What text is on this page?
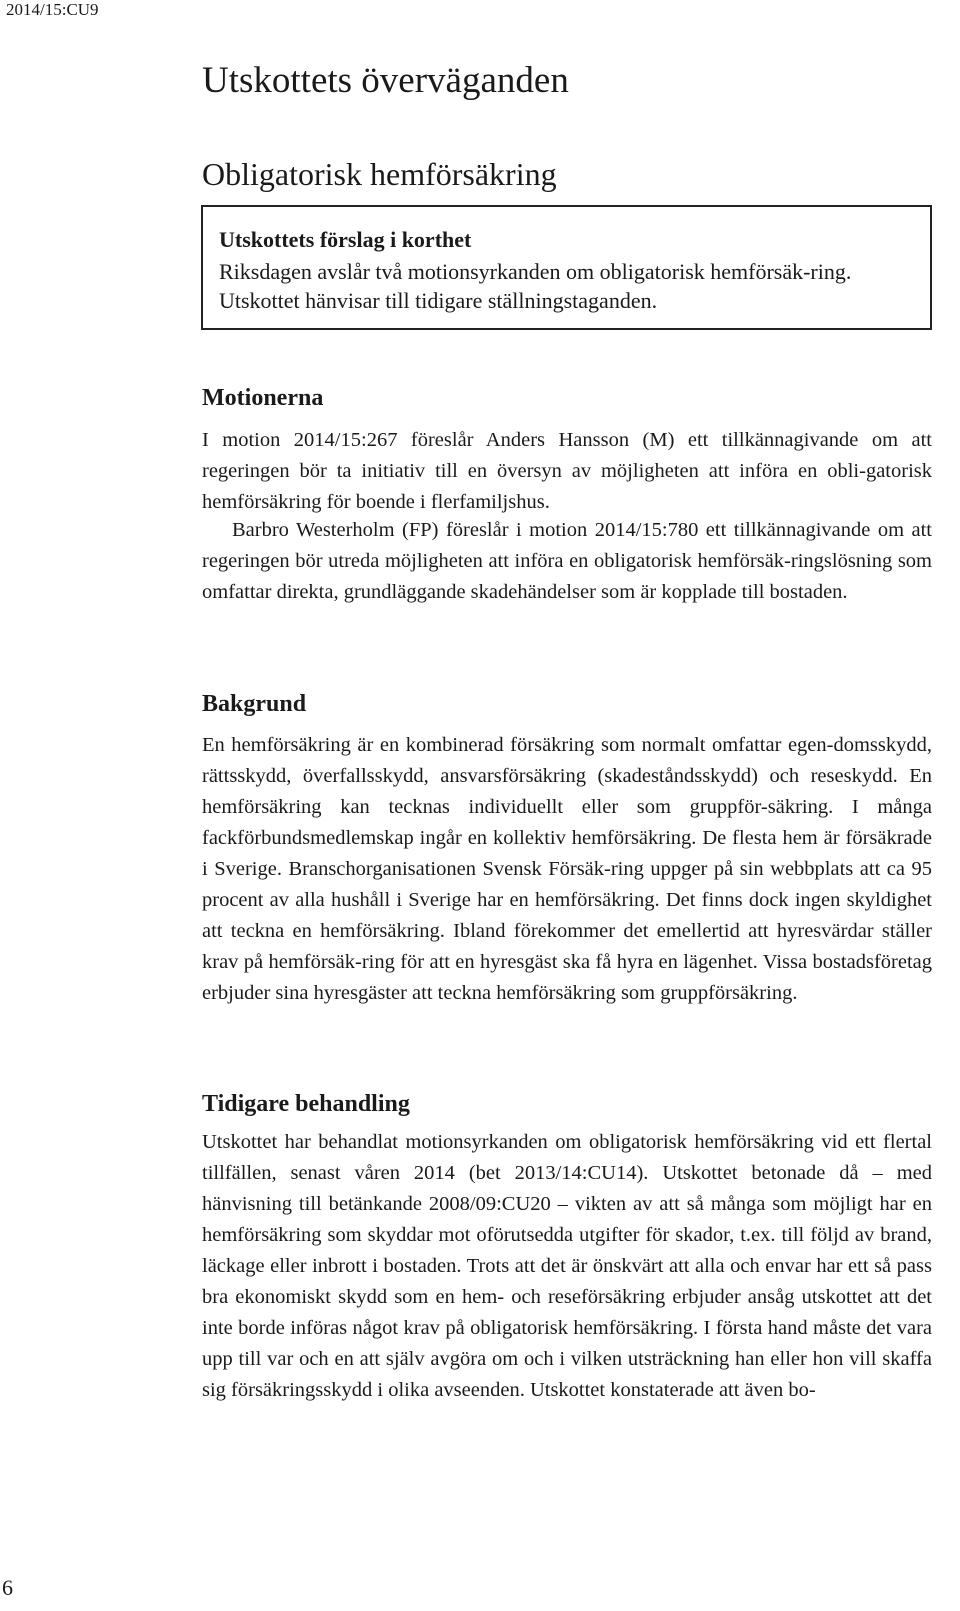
2014/15:CU9
Utskottets överväganden
Obligatorisk hemförsäkring
Utskottets förslag i korthet
Riksdagen avslår två motionsyrkanden om obligatorisk hemförsäk-ring. Utskottet hänvisar till tidigare ställningstaganden.
Motionerna

I motion 2014/15:267 föreslår Anders Hansson (M) ett tillkännagivande om att regeringen bör ta initiativ till en översyn av möjligheten att införa en obli-gatorisk hemförsäkring för boende i flerfamiljshus.

Barbro Westerholm (FP) föreslår i motion 2014/15:780 ett tillkännagivande om att regeringen bör utreda möjligheten att införa en obligatorisk hemförsäk-ringslösning som omfattar direkta, grundläggande skadehändelser som är kopplade till bostaden.

Bakgrund

En hemförsäkring är en kombinerad försäkring som normalt omfattar egen-domsskydd, rättsskydd, överfallsskydd, ansvarsförsäkring (skadeståndsskydd) och reseskydd. En hemförsäkring kan tecknas individuellt eller som gruppför-säkring. I många fackförbundsmedlemskap ingår en kollektiv hemförsäkring. De flesta hem är försäkrade i Sverige. Branschorganisationen Svensk Försäk-ring uppger på sin webbplats att ca 95 procent av alla hushåll i Sverige har en hemförsäkring. Det finns dock ingen skyldighet att teckna en hemförsäkring. Ibland förekommer det emellertid att hyresvärdar ställer krav på hemförsäk-ring för att en hyresgäst ska få hyra en lägenhet. Vissa bostadsföretag erbjuder sina hyresgäster att teckna hemförsäkring som gruppförsäkring.

Tidigare behandling

Utskottet har behandlat motionsyrkanden om obligatorisk hemförsäkring vid ett flertal tillfällen, senast våren 2014 (bet 2013/14:CU14). Utskottet betonade då – med hänvisning till betänkande 2008/09:CU20 – vikten av att så många som möjligt har en hemförsäkring som skyddar mot oförutsedda utgifter för skador, t.ex. till följd av brand, läckage eller inbrott i bostaden. Trots att det är önskvärt att alla och envar har ett så pass bra ekonomiskt skydd som en hem- och reseförsäkring erbjuder ansåg utskottet att det inte borde införas något krav på obligatorisk hemförsäkring. I första hand måste det vara upp till var och en att själv avgöra om och i vilken utsträckning han eller hon vill skaffa sig försäkringsskydd i olika avseenden. Utskottet konstaterade att även bo-

6
